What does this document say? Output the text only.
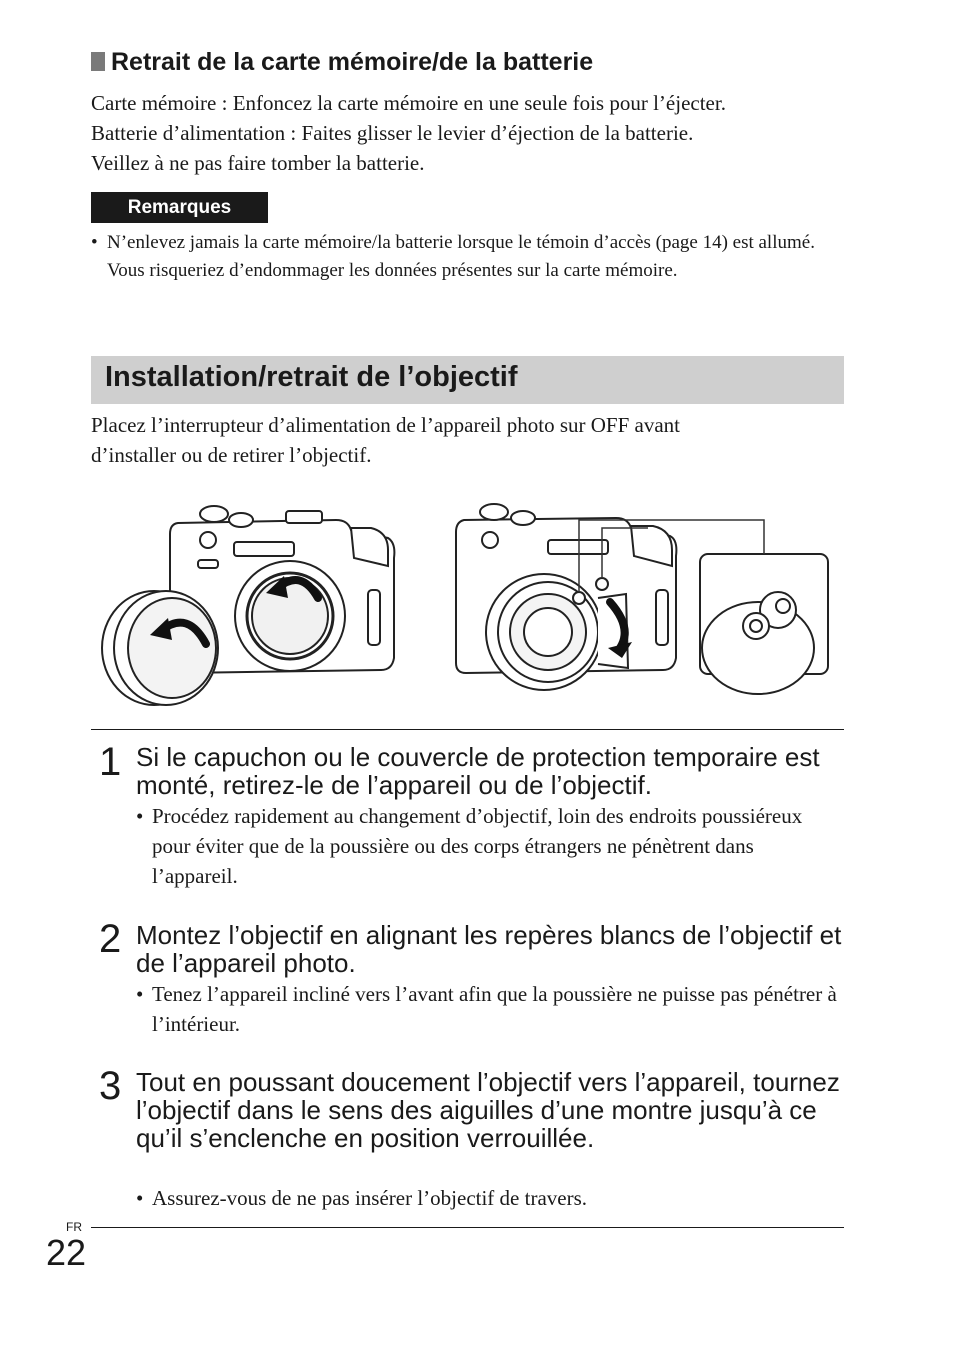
Retrait de la carte mémoire/de la batterie
Carte mémoire : Enfoncez la carte mémoire en une seule fois pour l’éjecter.
Batterie d’alimentation : Faites glisser le levier d’éjection de la batterie.
Veillez à ne pas faire tomber la batterie.
Remarques
• N’enlevez jamais la carte mémoire/la batterie lorsque le témoin d’accès (page 14) est allumé. Vous risqueriez d’endommager les données présentes sur la carte mémoire.
Installation/retrait de l’objectif
Placez l’interrupteur d’alimentation de l’appareil photo sur OFF avant
d’installer ou de retirer l’objectif.
1 Si le capuchon ou le couvercle de protection temporaire est monté, retirez-le de l’appareil ou de l’objectif.
• Procédez rapidement au changement d’objectif, loin des endroits poussiéreux pour éviter que de la poussière ou des corps étrangers ne pénètrent dans l’appareil.
2 Montez l’objectif en alignant les repères blancs de l’objectif et de l’appareil photo.
• Tenez l’appareil incliné vers l’avant afin que la poussière ne puisse pas pénétrer à l’intérieur.
3 Tout en poussant doucement l’objectif vers l’appareil, tournez l’objectif dans le sens des aiguilles d’une montre jusqu’à ce qu’il s’enclenche en position verrouillée.
• Assurez-vous de ne pas insérer l’objectif de travers.
FR
22
